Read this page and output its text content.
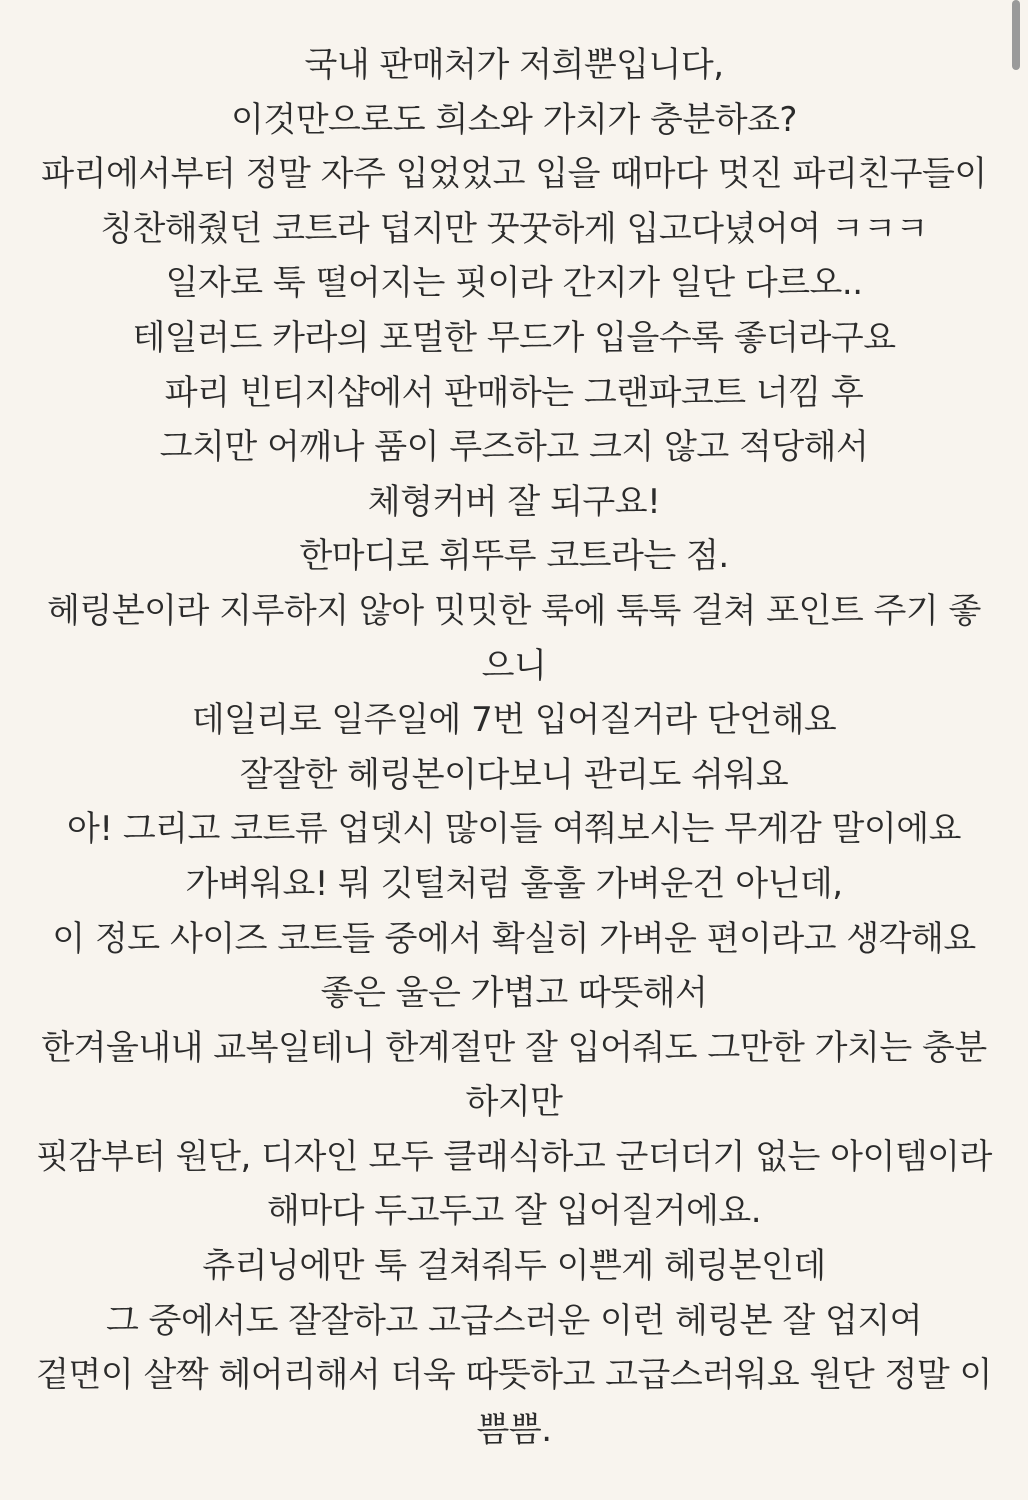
국내 판매처가 저희뿐입니다,
이것만으로도 희소와 가치가 충분하죠?
파리에서부터 정말 자주 입었었고 입을 때마다 멋진 파리친구들이
칭찬해줬던 코트라 덥지만 꿋꿋하게 입고다녔어여 ㅋㅋㅋ
일자로 툭 떨어지는 핏이라 간지가 일단 다르오..
테일러드 카라의 포멀한 무드가 입을수록 좋더라구요
파리 빈티지샵에서 판매하는 그랜파코트 너낌 후
그치만 어깨나 품이 루즈하고 크지 않고 적당해서
체형커버 잘 되구요!
한마디로 휘뚜루 코트라는 점.
헤링본이라 지루하지 않아 밋밋한 룩에 툭툭 걸쳐 포인트 주기 좋
으니
데일리로 일주일에 7번 입어질거라 단언해요
잘잘한 헤링본이다보니 관리도 쉬워요
아! 그리고 코트류 업뎃시 많이들 여쭤보시는 무게감 말이에요
가벼워요! 뭐 깃털처럼 훌훌 가벼운건 아닌데,
이 정도 사이즈 코트들 중에서 확실히 가벼운 편이라고 생각해요
좋은 울은 가볍고 따뜻해서
한겨울내내 교복일테니 한계절만 잘 입어줘도 그만한 가치는 충분
하지만
핏감부터 원단, 디자인 모두 클래식하고 군더더기 없는 아이템이라
해마다 두고두고 잘 입어질거에요.
츄리닝에만 툭 걸쳐줘두 이쁜게 헤링본인데
그 중에서도 잘잘하고 고급스러운 이런 헤링본 잘 업지여
겉면이 살짝 헤어리해서 더욱 따뜻하고 고급스러워요 원단 정말 이
쁨쁨.
